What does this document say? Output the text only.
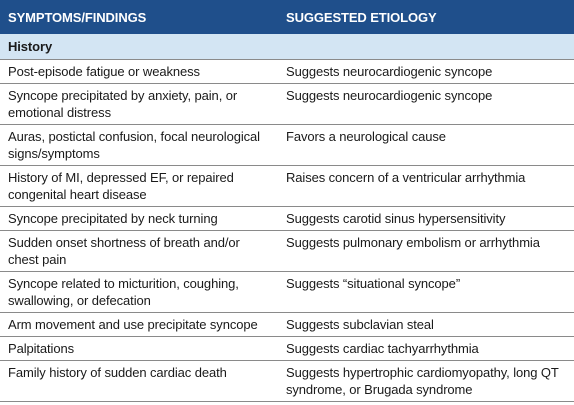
SYMPTOMS/FINDINGS	SUGGESTED ETIOLOGY
History	
Post-episode fatigue or weakness	Suggests neurocardiogenic syncope
Syncope precipitated by anxiety, pain, or emotional distress	Suggests neurocardiogenic syncope
Auras, postictal confusion, focal neurological signs/symptoms	Favors a neurological cause
History of MI, depressed EF, or repaired congenital heart disease	Raises concern of a ventricular arrhythmia
Syncope precipitated by neck turning	Suggests carotid sinus hypersensitivity
Sudden onset shortness of breath and/or chest pain	Suggests pulmonary embolism or arrhythmia
Syncope related to micturition, coughing, swallowing, or defecation	Suggests “situational syncope”
Arm movement and use precipitate syncope	Suggests subclavian steal
Palpitations	Suggests cardiac tachyarrhythmia
Family history of sudden cardiac death	Suggests hypertrophic cardiomyopathy, long QT syndrome, or Brugada syndrome
